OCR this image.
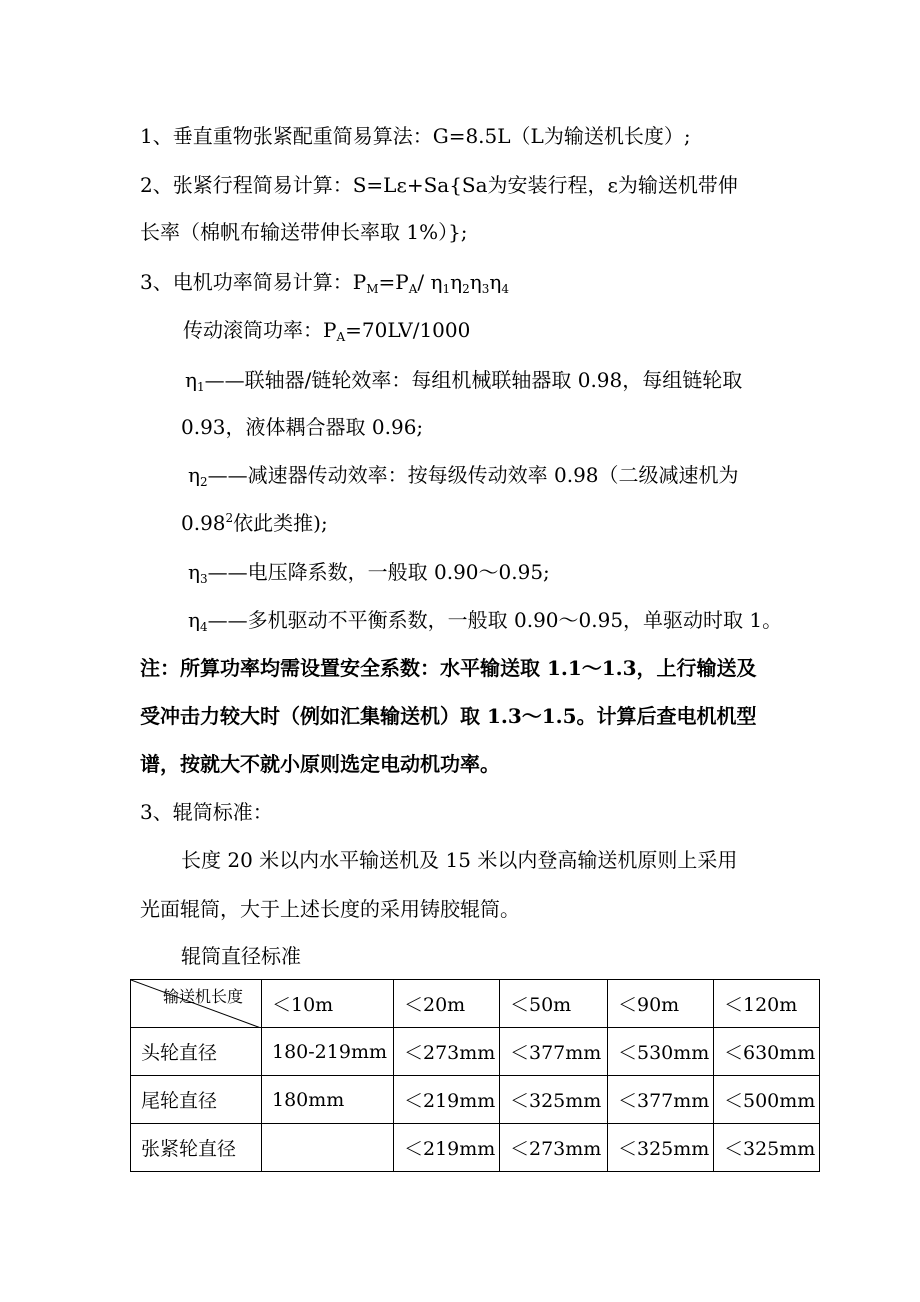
1、垂直重物张紧配重简易算法：G=8.5L（L为输送机长度）;
2、张紧行程简易计算：S=Lε+Sa{Sa为安装行程，ε为输送机带伸
长率（棉帆布输送带伸长率取 1%）};
3、电机功率简易计算：$P_M=P_A/$ $\eta_1\eta_2\eta_3\eta_4$
传动滚筒功率：$P_A=70LV/1000$
$\eta_1——$联轴器/链轮效率：每组机械联轴器取 0.98，每组链轮取
0.93，液体耦合器取 0.96;
$\eta_2——$减速器传动效率：按每级传动效率 0.98（二级减速机为
0.98$^2$依此类推);
$\eta_3——$电压降系数，一般取 0.90～0.95;
$\eta_4——$多机驱动不平衡系数，一般取 0.90～0.95，单驱动时取 1。
注：所算功率均需设置安全系数：水平输送取 1.1～1.3，上行输送及
受冲击力较大时（例如汇集输送机）取 1.3～1.5。计算后查电机机型
谱，按就大不就小原则选定电动机功率。
3、辊筒标准：
长度 20 米以内水平输送机及 15 米以内登高输送机原则上采用
光面辊筒，大于上述长度的采用铸胶辊筒。
辊筒直径标准
输送机长度	＜10m	＜20m	＜50m	＜90m	＜120m
头轮直径	180-219mm	＜273mm	＜377mm	＜530mm	＜630mm
尾轮直径	180mm	＜219mm	＜325mm	＜377mm	＜500mm
张紧轮直径		＜219mm	＜273mm	＜325mm	＜325mm
